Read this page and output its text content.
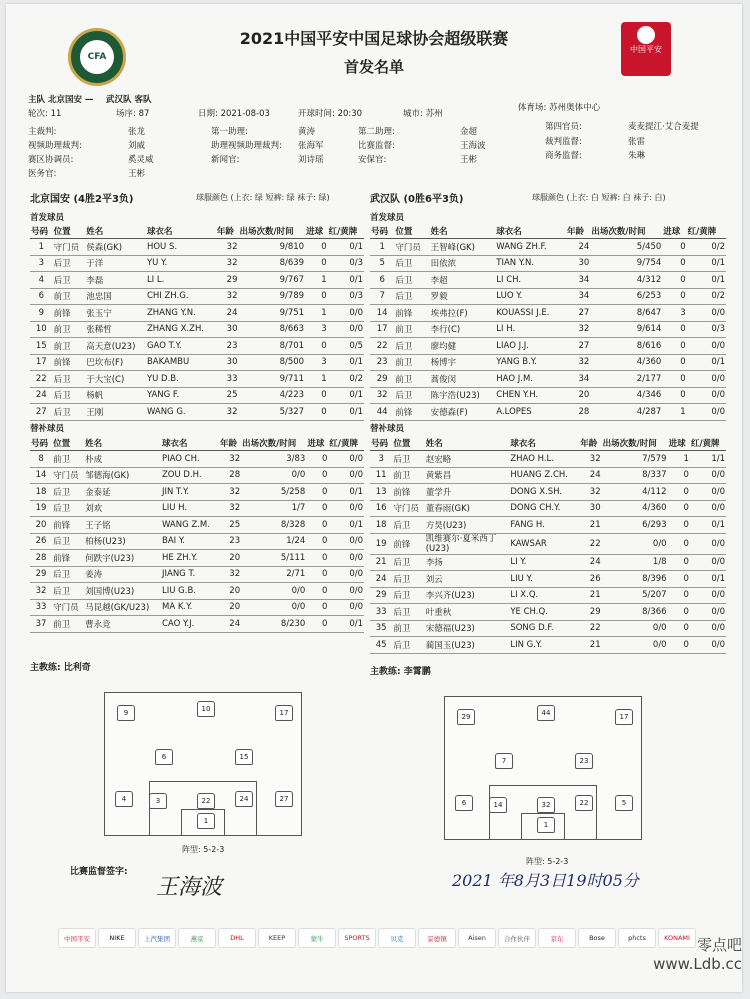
CFA
2021中国平安中国足球协会超级联赛
首发名单
中国平安
主队 北京国安 — 武汉队 客队
轮次: 11	场序: 87	日期: 2021-08-03	开球时间: 20:30	城市: 苏州
体育场: 苏州奥体中心
主裁判:	张龙	第一助理:	黄涛	第二助理:	金超	第四官员:	麦麦提江·艾合麦提
视频助理裁判:	刘威	助理视频助理裁判: 张海军	比赛监督:	王海波	裁判监督:	张雷
赛区协调员:	奚灵威	新闻官:	刘诗瑶	安保官:	王彬	商务监督:	朱琳
医务官:	王彬
北京国安 (4胜2平3负)	球服颜色 (上衣: 绿 短裤: 绿 袜子: 绿)	武汉队 (0胜6平3负)	球服颜色 (上衣: 白 短裤: 白 袜子: 白)
首发球员	首发球员
号码	位置	姓名	球衣名	年龄	出场次数/时间	进球	红/黄牌
1	守门员	侯森(GK)	HOU S.	32	9/810	0	0/1
3	后卫	于洋	YU Y.	32	8/639	0	0/3
4	后卫	李磊	LI L.	29	9/767	1	0/1
6	前卫	池忠国	CHI ZH.G.	32	9/789	0	0/3
9	前锋	张玉宁	ZHANG Y.N.	24	9/751	1	0/0
10	前卫	张稀哲	ZHANG X.ZH.	30	8/663	3	0/0
15	前卫	高天意(U23)	GAO T.Y.	23	8/701	0	0/5
17	前锋	巴坎布(F)	BAKAMBU	30	8/500	3	0/1
22	后卫	于大宝(C)	YU D.B.	33	9/711	1	0/2
24	后卫	杨帆	YANG F.	25	4/223	0	0/1
27	后卫	王刚	WANG G.	32	5/327	0	0/1
号码	位置	姓名	球衣名	年龄	出场次数/时间	进球	红/黄牌
1	守门员	王智峰(GK)	WANG ZH.F.	24	5/450	0	0/2
5	后卫	田依浓	TIAN Y.N.	30	9/754	0	0/1
6	后卫	李超	LI CH.	34	4/312	0	0/1
7	后卫	罗毅	LUO Y.	34	6/253	0	0/2
14	前锋	埃弗拉(F)	KOUASSI J.E.	27	8/647	3	0/0
17	前卫	李行(C)	LI H.	32	9/614	0	0/3
22	后卫	廖均健	LIAO J.J.	27	8/616	0	0/0
23	前卫	杨博宇	YANG B.Y.	32	4/360	0	0/1
29	前卫	蒿俊闵	HAO J.M.	34	2/177	0	0/0
32	后卫	陈宇浩(U23)	CHEN Y.H.	20	4/346	0	0/0
44	前锋	安德森(F)	A.LOPES	28	4/287	1	0/0
替补球员	替补球员
号码	位置	姓名	球衣名	年龄	出场次数/时间	进球	红/黄牌
8	前卫	朴成	PIAO CH.	32	3/83	0	0/0
14	守门员	邹德海(GK)	ZOU D.H.	28	0/0	0	0/0
18	后卫	金泰延	JIN T.Y.	32	5/258	0	0/1
19	后卫	刘欢	LIU H.	32	1/7	0	0/0
20	前锋	王子铭	WANG Z.M.	25	8/328	0	0/1
26	后卫	柏杨(U23)	BAI Y.	23	1/24	0	0/0
28	前锋	何跌宇(U23)	HE ZH.Y.	20	5/111	0	0/0
29	后卫	姜涛	JIANG T.	32	2/71	0	0/0
32	后卫	刘国博(U23)	LIU G.B.	20	0/0	0	0/0
33	守门员	马昆越(GK/U23)	MA K.Y.	20	0/0	0	0/0
37	前卫	曹永竞	CAO Y.J.	24	8/230	0	0/1
号码	位置	姓名	球衣名	年龄	出场次数/时间	进球	红/黄牌
3	后卫	赵宏略	ZHAO H.L.	32	7/579	1	1/1
11	前卫	黄紫昌	HUANG Z.CH.	24	8/337	0	0/0
13	前锋	董学升	DONG X.SH.	32	4/112	0	0/0
16	守门员	董春雨(GK)	DONG CH.Y.	30	4/360	0	0/0
18	后卫	方昊(U23)	FANG H.	21	6/293	0	0/1
19	前锋	凯维赛尔·夏米西丁(U23)	KAWSAR	22	0/0	0	0/0
21	后卫	李扬	LI Y.	24	1/8	0	0/0
24	后卫	刘云	LIU Y.	26	8/396	0	0/1
29	后卫	李兴齐(U23)	LI X.Q.	21	5/207	0	0/0
33	后卫	叶重秋	YE CH.Q.	29	8/366	0	0/0
35	前卫	宋德福(U23)	SONG D.F.	22	0/0	0	0/0
45	后卫	蔺国玉(U23)	LIN G.Y.	21	0/0	0	0/0
主教练: 比利奇	主教练: 李霄鹏
9	10	17
6	15
4	3	22	24	27
1
阵型: 5-2-3
29	44	17
7	23
6	14	32	22	5
1
阵型: 5-2-3
比赛监督签字:
王海波	2021 年8月3日19时05分
中国平安	NIKE	上汽集团	燕京	DHL	KEEP	蒙牛	SPORTS	贝克	景德镇	Aisen	合作伙伴	京东	Bose	phcts	KONAMI 零点吧 www.Ldb.cc
